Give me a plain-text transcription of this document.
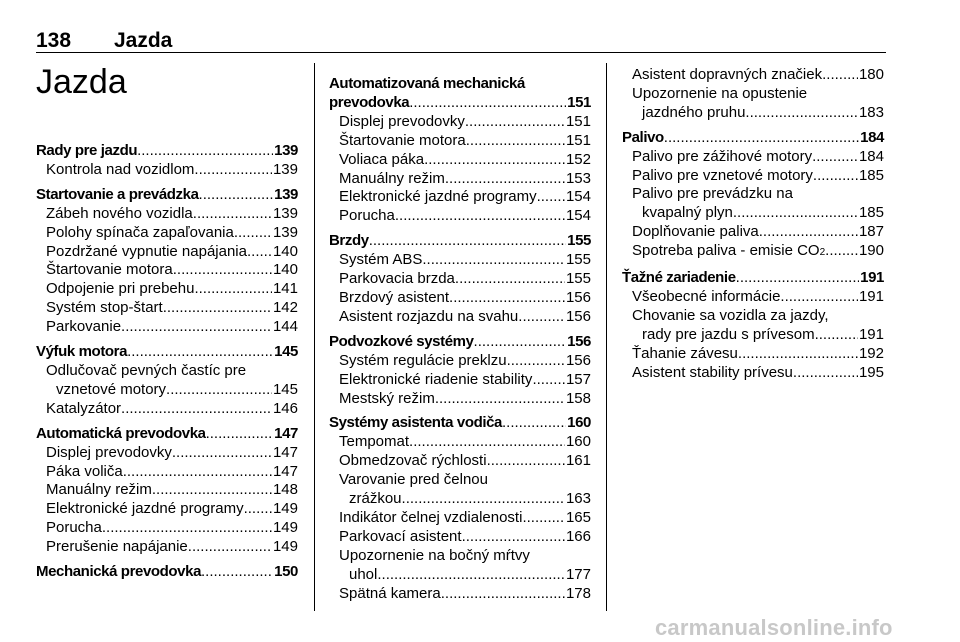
138 Jazda
Jazda
Rady pre jazdu .....	139
Kontrola nad vozidlom .....	139
Startovanie a prevádzka .....	139
Zábeh nového vozidla .....	139
Polohy spínača zapaľovania .....	139
Pozdržané vypnutie napájania ..... 140
Štartovanie motora .....	140
Odpojenie pri prebehu .....	141
Systém stop-štart .....	142
Parkovanie .....	144
Výfuk motora .....	145
Odlučovač pevných častíc pre
vznetové motory .....	145
Katalyzátor .....	146
Automatická prevodovka .....	147
Displej prevodovky .....	147
Páka voliča .....	147
Manuálny režim .....	148
Elektronické jazdné programy ..... 149
Porucha .....	149
Prerušenie napájanie .....	149
Mechanická prevodovka .....	150
Automatizovaná mechanická
prevodovka .....	151
Displej prevodovky .....	151
Štartovanie motora .....	151
Voliaca páka .....	152
Manuálny režim .....	153
Elektronické jazdné programy ..... 154
Porucha .....	154
Brzdy .....	155
Systém ABS .....	155
Parkovacia brzda .....	155
Brzdový asistent .....	156
Asistent rozjazdu na svahu .....	156
Podvozkové systémy .....	156
Systém regulácie preklzu .....	156
Elektronické riadenie stability ..... 157
Mestský režim .....	158
Systémy asistenta vodiča .....	160
Tempomat .....	160
Obmedzovač rýchlosti .....	161
Varovanie pred čelnou
zrážkou .....	163
Indikátor čelnej vzdialenosti .....	165
Parkovací asistent .....	166
Upozornenie na bočný mŕtvy
uhol .....	177
Spätná kamera .....	178
Asistent dopravných značiek ..... 180
Upozornenie na opustenie
jazdného pruhu .....	183
Palivo .....	184
Palivo pre zážihové motory .....	184
Palivo pre vznetové motory .....	185
Palivo pre prevádzku na
kvapalný plyn .....	185
Doplňovanie paliva .....	187
Spotreba paliva - emisie CO 2 ..... 190
Ťažné zariadenie .....	191
Všeobecné informácie .....	191
Chovanie sa vozidla za jazdy,
rady pre jazdu s prívesom .....	191
Ťahanie závesu .....	192
Asistent stability prívesu .....	195
carmanualsonline.info
